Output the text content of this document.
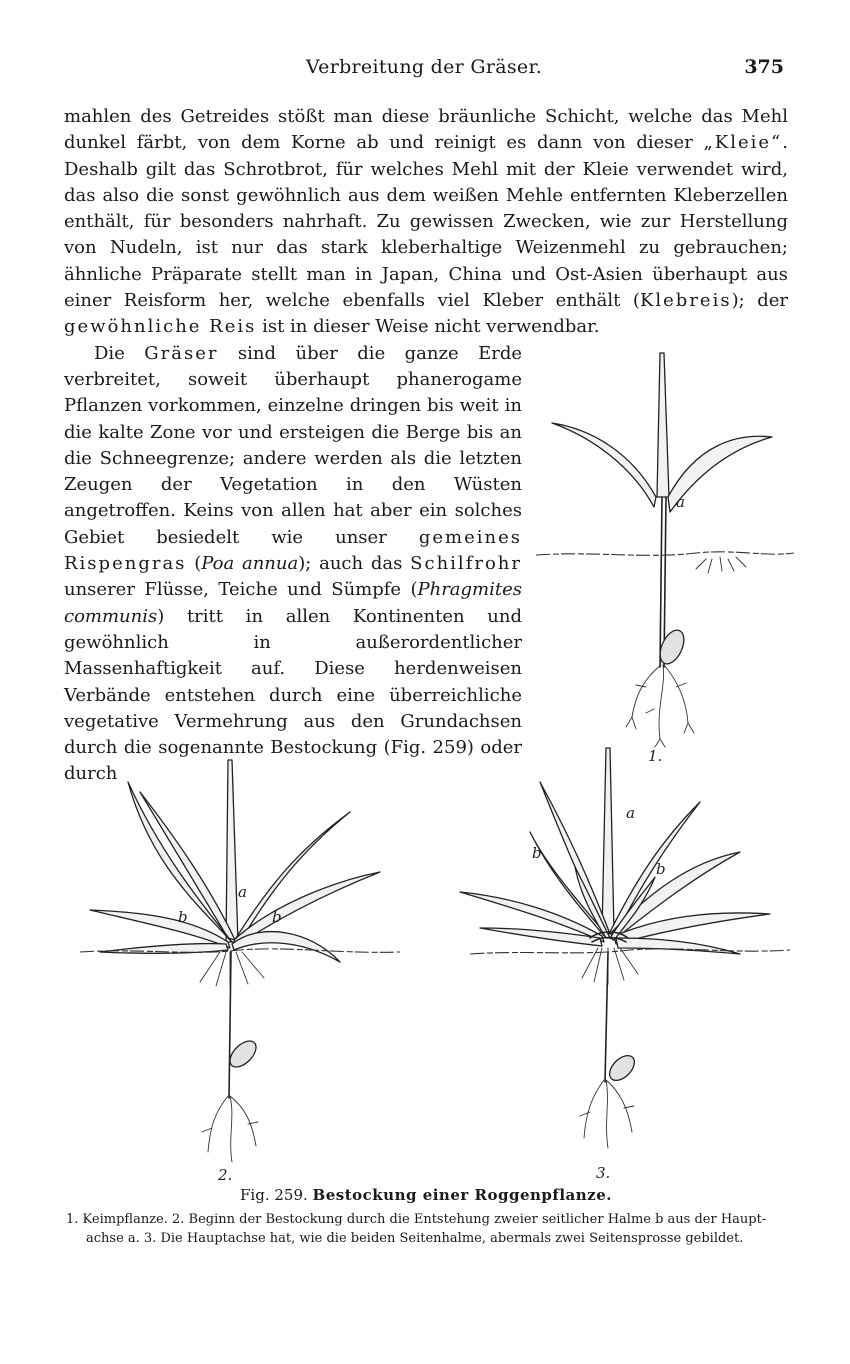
Verbreitung der Gräser.	375

mahlen des Getreides stößt man diese bräunliche Schicht, welche das Mehl dunkel färbt, von dem Korne ab und reinigt es dann von dieser „Kleie“. Deshalb gilt das Schrotbrot, für welches Mehl mit der Kleie verwendet wird, das also die sonst gewöhnlich aus dem weißen Mehle entfernten Kleberzellen enthält, für besonders nahrhaft. Zu gewissen Zwecken, wie zur Herstellung von Nudeln, ist nur das stark kleberhaltige Weizenmehl zu gebrauchen; ähnliche Präparate stellt man in Japan, China und Ost-Asien überhaupt aus einer Reisform her, welche ebenfalls viel Kleber enthält (Klebreis); der gewöhnliche Reis ist in dieser Weise nicht verwendbar.

a
1.

Die Gräser sind über die ganze Erde verbreitet, soweit überhaupt phanerogame Pflanzen vorkommen, einzelne dringen bis weit in die kalte Zone vor und ersteigen die Berge bis an die Schneegrenze; andere werden als die letzten Zeugen der Vegetation in den Wüsten angetroffen. Keins von allen hat aber ein solches Gebiet besiedelt wie unser gemeines Rispengras (Poa annua); auch das Schilfrohr unserer Flüsse, Teiche und Sümpfe (Phragmites communis) tritt in allen Kontinenten und gewöhnlich in außerordentlicher Massenhaftigkeit auf. Diese herdenweisen Verbände entstehen durch eine überreichliche vegetative Vermehrung aus den Grundachsen durch die sogenannte Bestockung (Fig. 259) oder durch

a
b	b
2.
a
b
b
3.
Fig. 259. Bestockung einer Roggenpflanze.
1. Keimpflanze. 2. Beginn der Bestockung durch die Entstehung zweier seitlicher Halme b aus der Haupt-
achse a. 3. Die Hauptachse hat, wie die beiden Seitenhalme, abermals zwei Seitensprosse gebildet.
